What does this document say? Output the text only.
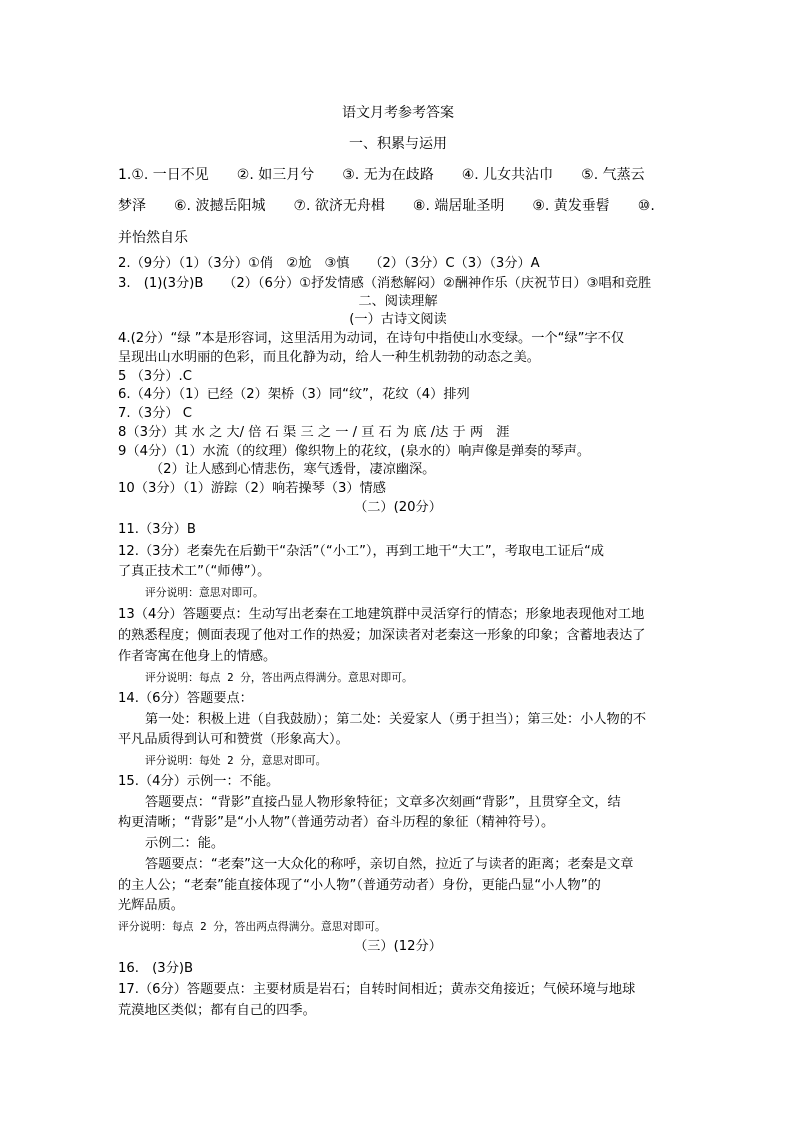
语文月考参考答案
一、积累与运用
1.①. 一日不见　　②. 如三月兮　　③. 无为在歧路　　④. 儿女共沾巾　　⑤. 气蒸云
梦泽　　⑥. 波撼岳阳城　　⑦. 欲济无舟楫　　⑧. 端居耻圣明　　⑨. 黄发垂髫　　⑩.
并怡然自乐
2.（9分）（1）（3分）①俏　②尬　③慎　　（2）（3分）C（3）（3分）A
3.　(1)(3分)B　　（2）（6分）①抒发情感（消愁解闷）②酬神作乐（庆祝节日）③唱和竞胜
二、阅读理解
(一）古诗文阅读
4.(2分）“绿 ”本是形容词，这里活用为动词，在诗句中指使山水变绿。一个“绿”字不仅
呈现出山水明丽的色彩，而且化静为动，给人一种生机勃勃的动态之美。
5 （3分）.C
6.（4分）（1）已经（2）架桥（3）同“纹”，花纹（4）排列
7.（3分） C
8（3分）其 水 之 大/ 倍 石 渠 三 之 一 / 亘 石 为 底 /达 于 两　涯
9（4分）（1）水流（的纹理）像织物上的花纹，(泉水的）响声像是弹奏的琴声。
（2）让人感到心情悲伤，寒气透骨，凄凉幽深。
10（3分）（1）游踪（2）响若操琴（3）情感
（二）(20分）
11.（3分）B
12.（3分）老秦先在后勤干“杂活”（“小工”），再到工地干“大工”，考取电工证后“成
了真正技术工”（“师傅”）。
评分说明：意思对即可。
13（4分）答题要点：生动写出老秦在工地建筑群中灵活穿行的情态；形象地表现他对工地
的熟悉程度；侧面表现了他对工作的热爱；加深读者对老秦这一形象的印象；含蓄地表达了
作者寄寓在他身上的情感。
评分说明：每点 2 分，答出两点得满分。意思对即可。
14.（6分）答题要点：
第一处：积极上进（自我鼓励）；第二处：关爱家人（勇于担当）；第三处：小人物的不
平凡品质得到认可和赞赏（形象高大）。
评分说明：每处 2 分，意思对即可。
15.（4分）示例一：不能。
答题要点：“背影”直接凸显人物形象特征；文章多次刻画“背影”，且贯穿全文，结
构更清晰；“背影”是“小人物”（普通劳动者）奋斗历程的象征（精神符号）。
示例二：能。
答题要点：“老秦”这一大众化的称呼，亲切自然，拉近了与读者的距离；老秦是文章
的主人公；“老秦”能直接体现了“小人物”（普通劳动者）身份，更能凸显“小人物”的
光辉品质。
评分说明：每点 2 分，答出两点得满分。意思对即可。
（三）(12分）
16.　(3分)B
17.（6分）答题要点：主要材质是岩石；自转时间相近；黄赤交角接近；气候环境与地球
荒漠地区类似；都有自己的四季。
